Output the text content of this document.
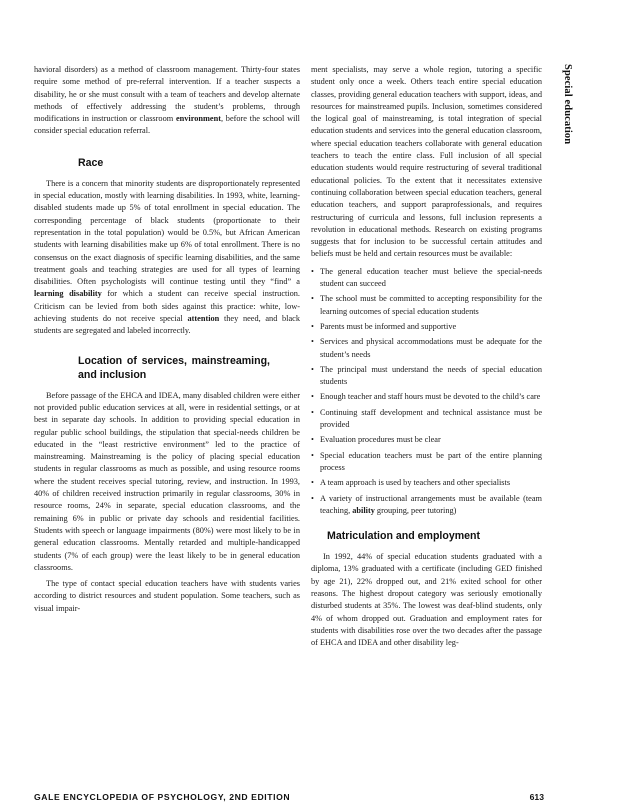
havioral disorders) as a method of classroom management. Thirty-four states require some method of pre-referral intervention. If a teacher suspects a disability, he or she must consult with a team of teachers and develop alternate methods of effectively addressing the student’s problems, through modifications in instruction or classroom environment, before the school will consider special education referral.

Race

There is a concern that minority students are disproportionately represented in special education, mostly with learning disabilities. In 1993, white, learning-disabled students made up 5% of total enrollment in special education. The corresponding percentage of black students (proportionate to their representation in the total population) would be 0.5%, but African American students with learning disabilities make up 6% of total enrollment. There is no consensus on the exact diagnosis of specific learning disabilities, and the same treatment goals and teaching strategies are used for all types of learning disabilities. Often psychologists will continue testing until they “find” a learning disability for which a student can receive special instruction. Criticism can be levied from both sides against this practice: white, low-achieving students do not receive special attention they need, and black students are segregated and labeled incorrectly.

Location of services, mainstreaming, and inclusion

Before passage of the EHCA and IDEA, many disabled children were either not provided public education services at all, were in residential settings, or at best in separate day schools. In addition to providing special education in regular public school buildings, the stipulation that special-needs children be educated in the “least restrictive environment” led to the practice of mainstreaming. Mainstreaming is the policy of placing special education students in regular classrooms as much as possible, and using resource rooms where the student receives special tutoring, review, and instruction. In 1993, 40% of children received instruction primarily in regular classrooms, 30% in resource rooms, 24% in separate, special education classrooms, and the remaining 6% in public or private day schools and residential facilities. Students with speech or language impairments (80%) were most likely to be in general education classrooms. Mentally retarded and multiple-handicapped students (7% of each group) were the least likely to be in general education classrooms.

The type of contact special education teachers have with students varies according to district resources and student population. Some teachers, such as visual impair-

ment specialists, may serve a whole region, tutoring a specific student only once a week. Others teach entire special education classes, providing general education teachers with support, ideas, and resources for mainstreamed pupils. Inclusion, sometimes considered the logical goal of mainstreaming, is total integration of special education students and services into the general education classroom, where special education teachers collaborate with general education teachers to teach the entire class. Full inclusion of all special education students would require restructuring of several traditional educational policies. To the extent that it necessitates extensive continuing collaboration between special education teachers, general education teachers, and support paraprofessionals, and requires restructuring of curricula and lessons, full inclusion represents a revolution in educational methods. Research on existing programs suggests that for inclusion to be successful certain attitudes and beliefs must be held and certain resources must be available:

• The general education teacher must believe the special-needs student can succeed
• The school must be committed to accepting responsibility for the learning outcomes of special education students
• Parents must be informed and supportive
• Services and physical accommodations must be adequate for the student’s needs
• The principal must understand the needs of special education students
• Enough teacher and staff hours must be devoted to the child’s care
• Continuing staff development and technical assistance must be provided
• Evaluation procedures must be clear
• Special education teachers must be part of the entire planning process
• A team approach is used by teachers and other specialists
• A variety of instructional arrangements must be available (team teaching, ability grouping, peer tutoring)
Matriculation and employment

In 1992, 44% of special education students graduated with a diploma, 13% graduated with a certificate (including GED finished by age 21), 22% dropped out, and 21% exited school for other reasons. The highest dropout category was seriously emotionally disturbed students at 35%. The lowest was deaf-blind students, only 4% of whom dropped out. Graduation and employment rates for students with disabilities rose over the two decades after the passage of EHCA and IDEA and other disability leg-

Special education
GALE ENCYCLOPEDIA OF PSYCHOLOGY, 2ND EDITION	613
